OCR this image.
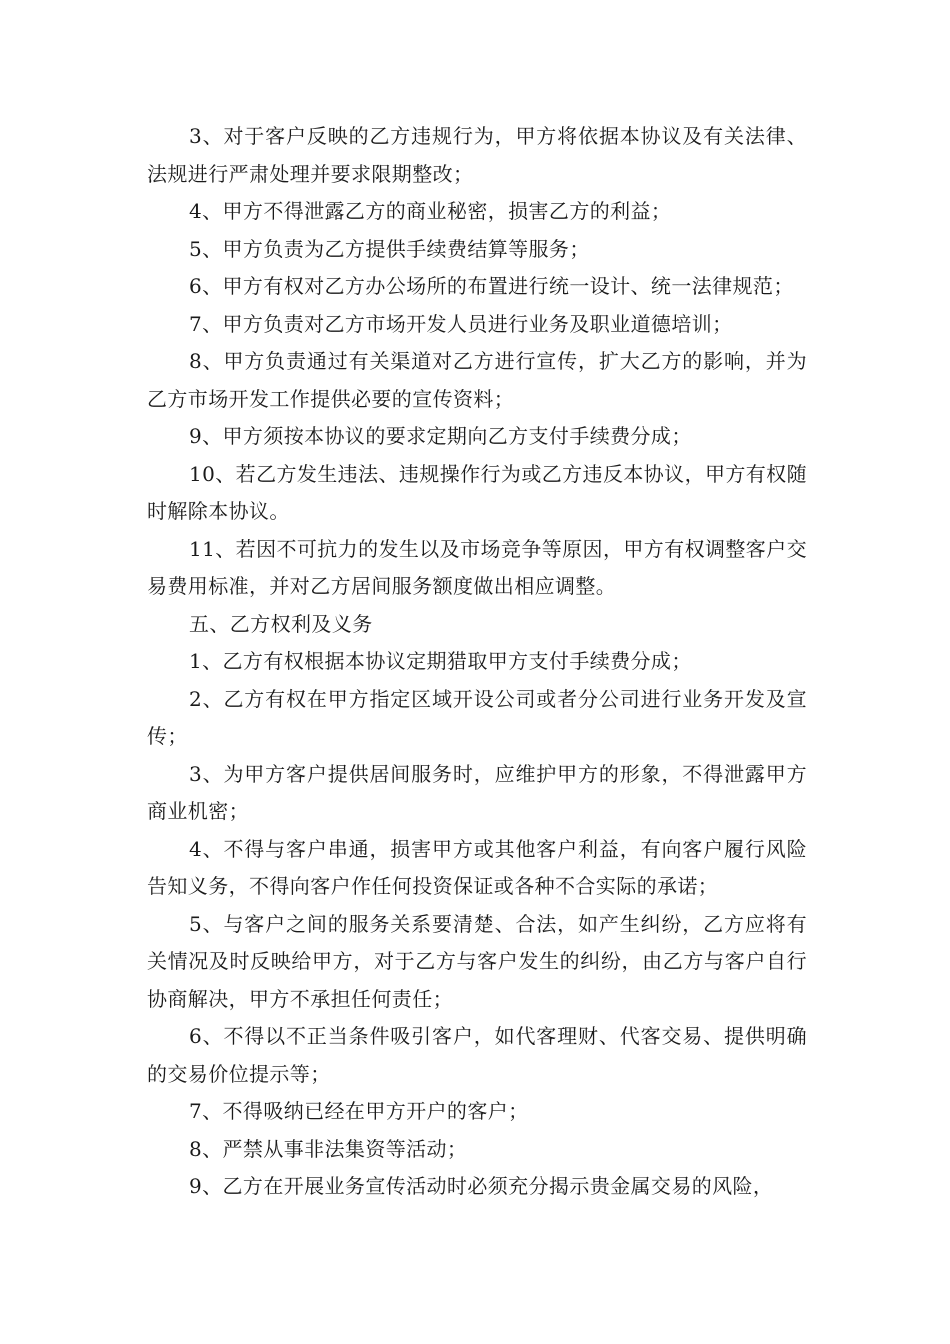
3、对于客户反映的乙方违规行为，甲方将依据本协议及有关法律、法规进行严肃处理并要求限期整改；

4、甲方不得泄露乙方的商业秘密，损害乙方的利益；

5、甲方负责为乙方提供手续费结算等服务；

6、甲方有权对乙方办公场所的布置进行统一设计、统一法律规范；

7、甲方负责对乙方市场开发人员进行业务及职业道德培训；

8、甲方负责通过有关渠道对乙方进行宣传，扩大乙方的影响，并为乙方市场开发工作提供必要的宣传资料；

9、甲方须按本协议的要求定期向乙方支付手续费分成；

10、若乙方发生违法、违规操作行为或乙方违反本协议，甲方有权随时解除本协议。

11、若因不可抗力的发生以及市场竞争等原因，甲方有权调整客户交易费用标准，并对乙方居间服务额度做出相应调整。

五、乙方权利及义务

1、乙方有权根据本协议定期猎取甲方支付手续费分成；

2、乙方有权在甲方指定区域开设公司或者分公司进行业务开发及宣传；

3、为甲方客户提供居间服务时，应维护甲方的形象，不得泄露甲方商业机密；

4、不得与客户串通，损害甲方或其他客户利益，有向客户履行风险告知义务，不得向客户作任何投资保证或各种不合实际的承诺；

5、与客户之间的服务关系要清楚、合法，如产生纠纷，乙方应将有关情况及时反映给甲方，对于乙方与客户发生的纠纷，由乙方与客户自行协商解决，甲方不承担任何责任；

6、不得以不正当条件吸引客户，如代客理财、代客交易、提供明确的交易价位提示等；

7、不得吸纳已经在甲方开户的客户；

8、严禁从事非法集资等活动；

9、乙方在开展业务宣传活动时必须充分揭示贵金属交易的风险，
